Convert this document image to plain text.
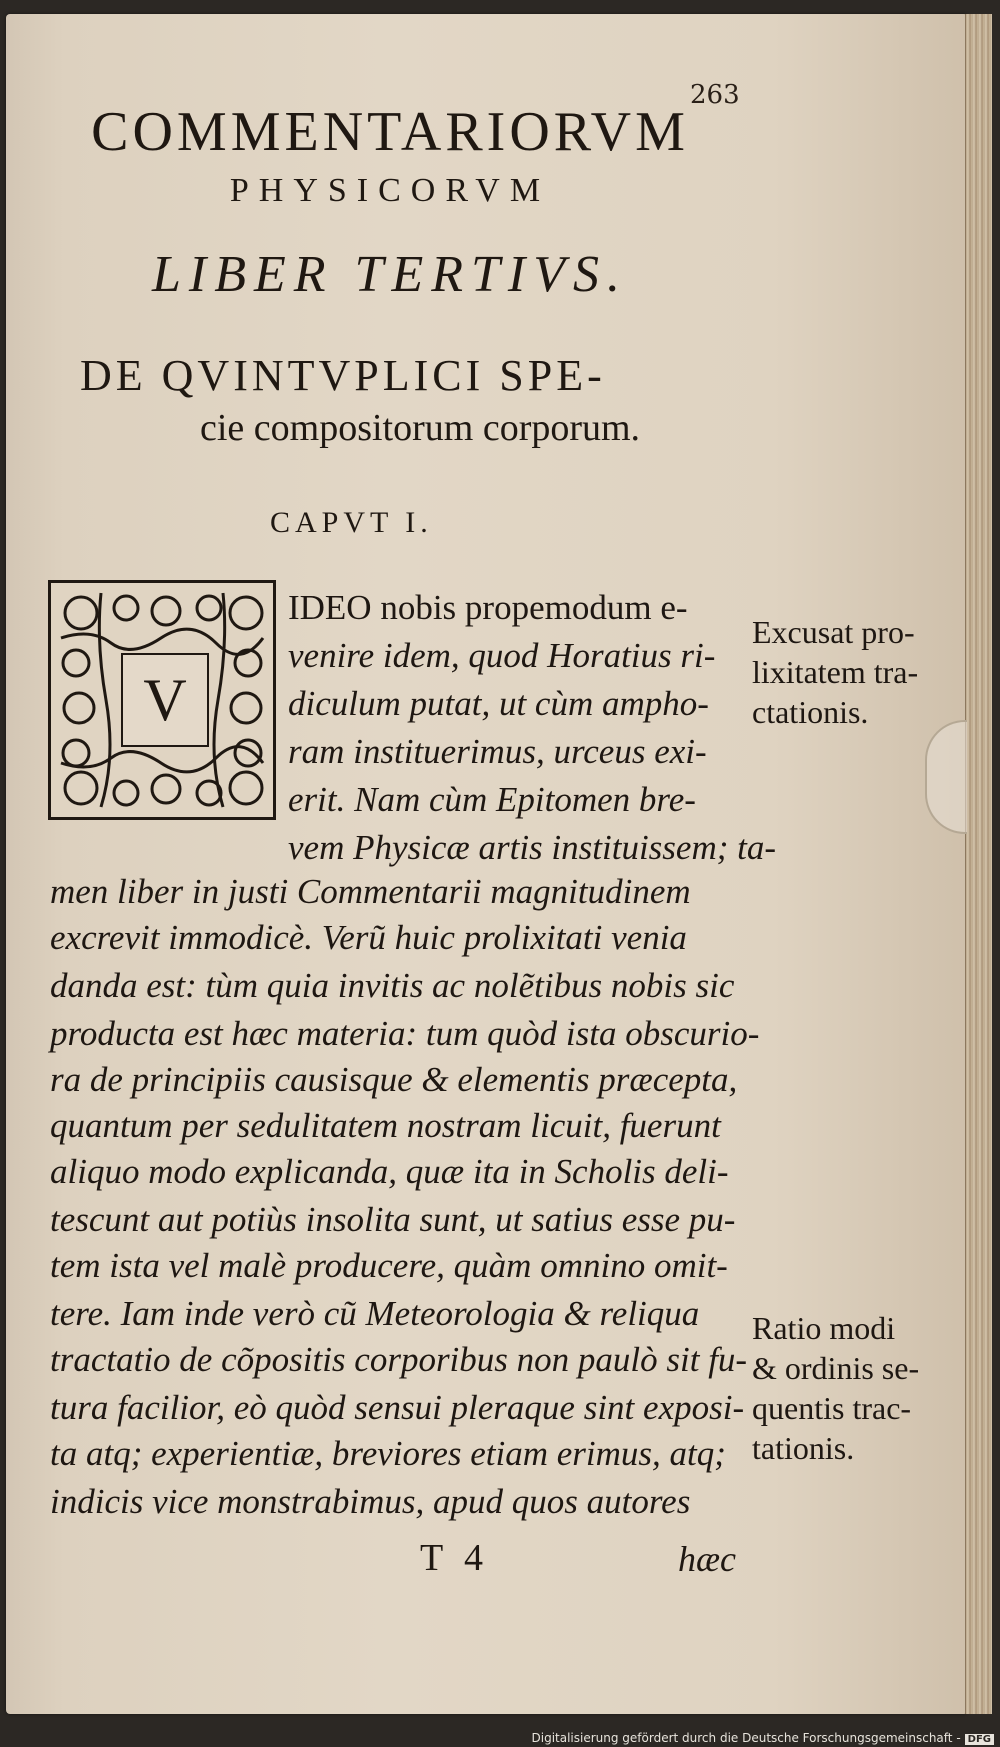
263
COMMENTARIORVM
PHYSICORVM
LIBER TERTIVS.
DE QVINTVPLICI SPE-
cie compositorum corporum.
CAPVT I.
V
IDEO nobis propemodum e-
venire idem, quod Horatius ri-
diculum putat, ut cùm ampho-
ram instituerimus, urceus exi-
erit. Nam cùm Epitomen bre-
vem Physicæ artis instituissem; ta-
men liber in justi Commentarii magnitudinem
excrevit immodicè. Verũ huic prolixitati venia
danda est: tùm quia invitis ac nolẽtibus nobis sic
producta est hæc materia: tum quòd ista obscurio-
ra de principiis causisque & elementis præcepta,
quantum per sedulitatem nostram licuit, fuerunt
aliquo modo explicanda, quæ ita in Scholis deli-
tescunt aut potiùs insolita sunt, ut satius esse pu-
tem ista vel malè producere, quàm omnino omit-
tere. Iam inde verò cũ Meteorologia & reliqua
tractatio de cõpositis corporibus non paulò sit fu-
tura facilior, eò quòd sensui pleraque sint exposi-
ta atq; experientiæ, breviores etiam erimus, atq;
indicis vice monstrabimus, apud quos autores
Excusat pro-
lixitatem tra-
ctationis.
Ratio modi
& ordinis se-
quentis trac-
tationis.
T 4	hæc
Digitalisierung gefördert durch die Deutsche Forschungsgemeinschaft - DFG
